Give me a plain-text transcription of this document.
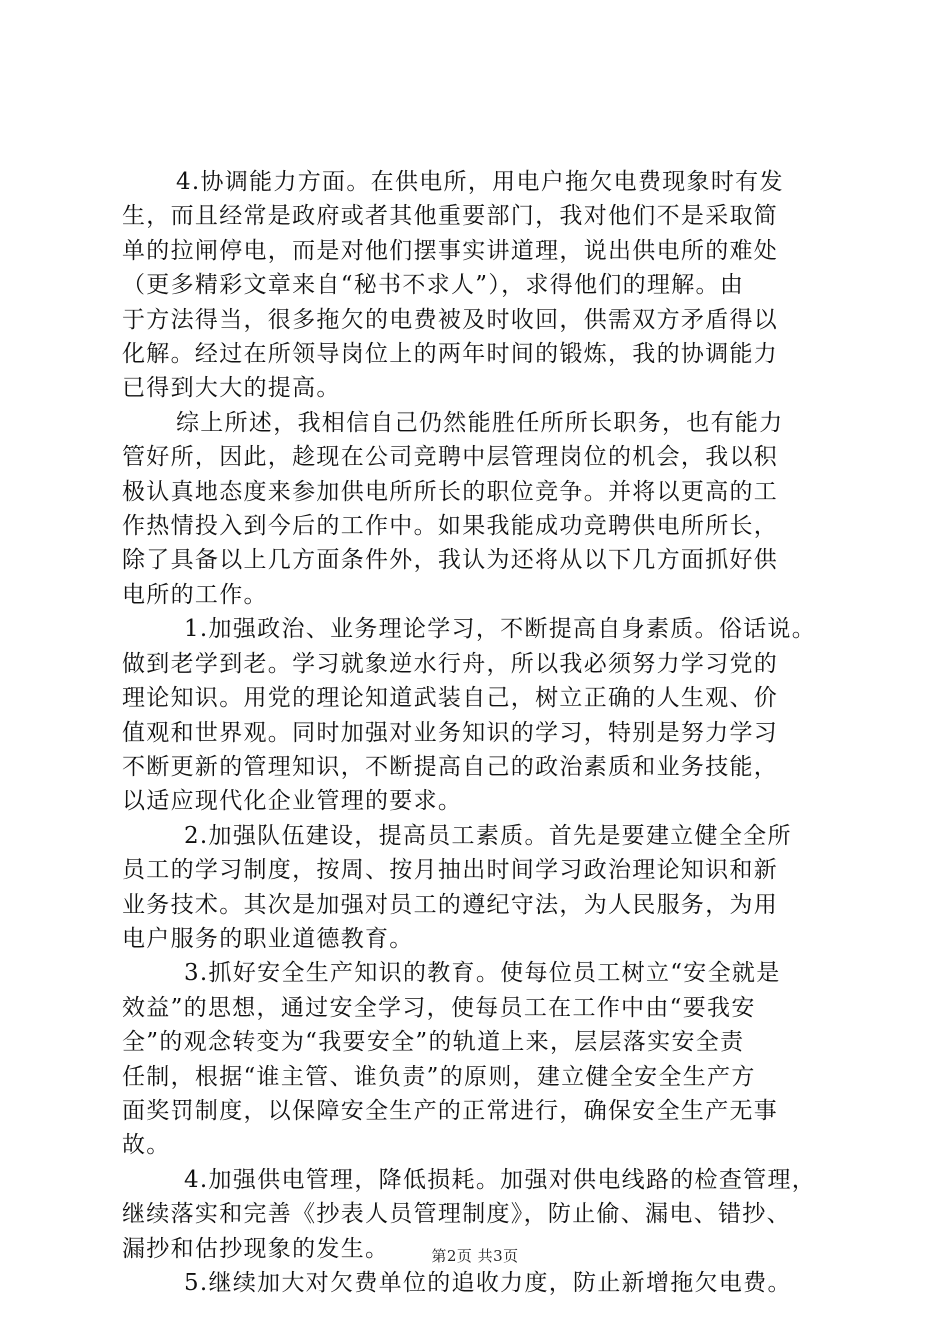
4.协调能力方面。在供电所，用电户拖欠电费现象时有发
生，而且经常是政府或者其他重要部门，我对他们不是采取简
单的拉闸停电，而是对他们摆事实讲道理，说出供电所的难处
（更多精彩文章来自“秘书不求人”），求得他们的理解。由
于方法得当，很多拖欠的电费被及时收回，供需双方矛盾得以
化解。经过在所领导岗位上的两年时间的锻炼，我的协调能力
已得到大大的提高。
综上所述，我相信自己仍然能胜任所所长职务，也有能力
管好所，因此，趁现在公司竞聘中层管理岗位的机会，我以积
极认真地态度来参加供电所所长的职位竞争。并将以更高的工
作热情投入到今后的工作中。如果我能成功竞聘供电所所长，
除了具备以上几方面条件外，我认为还将从以下几方面抓好供
电所的工作。
1.加强政治、业务理论学习，不断提高自身素质。俗话说。
做到老学到老。学习就象逆水行舟，所以我必须努力学习党的
理论知识。用党的理论知道武装自己，树立正确的人生观、价
值观和世界观。同时加强对业务知识的学习，特别是努力学习
不断更新的管理知识，不断提高自己的政治素质和业务技能，
以适应现代化企业管理的要求。
2.加强队伍建设，提高员工素质。首先是要建立健全全所
员工的学习制度，按周、按月抽出时间学习政治理论知识和新
业务技术。其次是加强对员工的遵纪守法，为人民服务，为用
电户服务的职业道德教育。
3.抓好安全生产知识的教育。使每位员工树立“安全就是
效益”的思想，通过安全学习，使每员工在工作中由“要我安
全”的观念转变为“我要安全”的轨道上来，层层落实安全责
任制，根据“谁主管、谁负责”的原则，建立健全安全生产方
面奖罚制度，以保障安全生产的正常进行，确保安全生产无事
故。
4.加强供电管理，降低损耗。加强对供电线路的检查管理，
继续落实和完善《抄表人员管理制度》，防止偷、漏电、错抄、
漏抄和估抄现象的发生。
5.继续加大对欠费单位的追收力度，防止新增拖欠电费。
第2页 共3页
